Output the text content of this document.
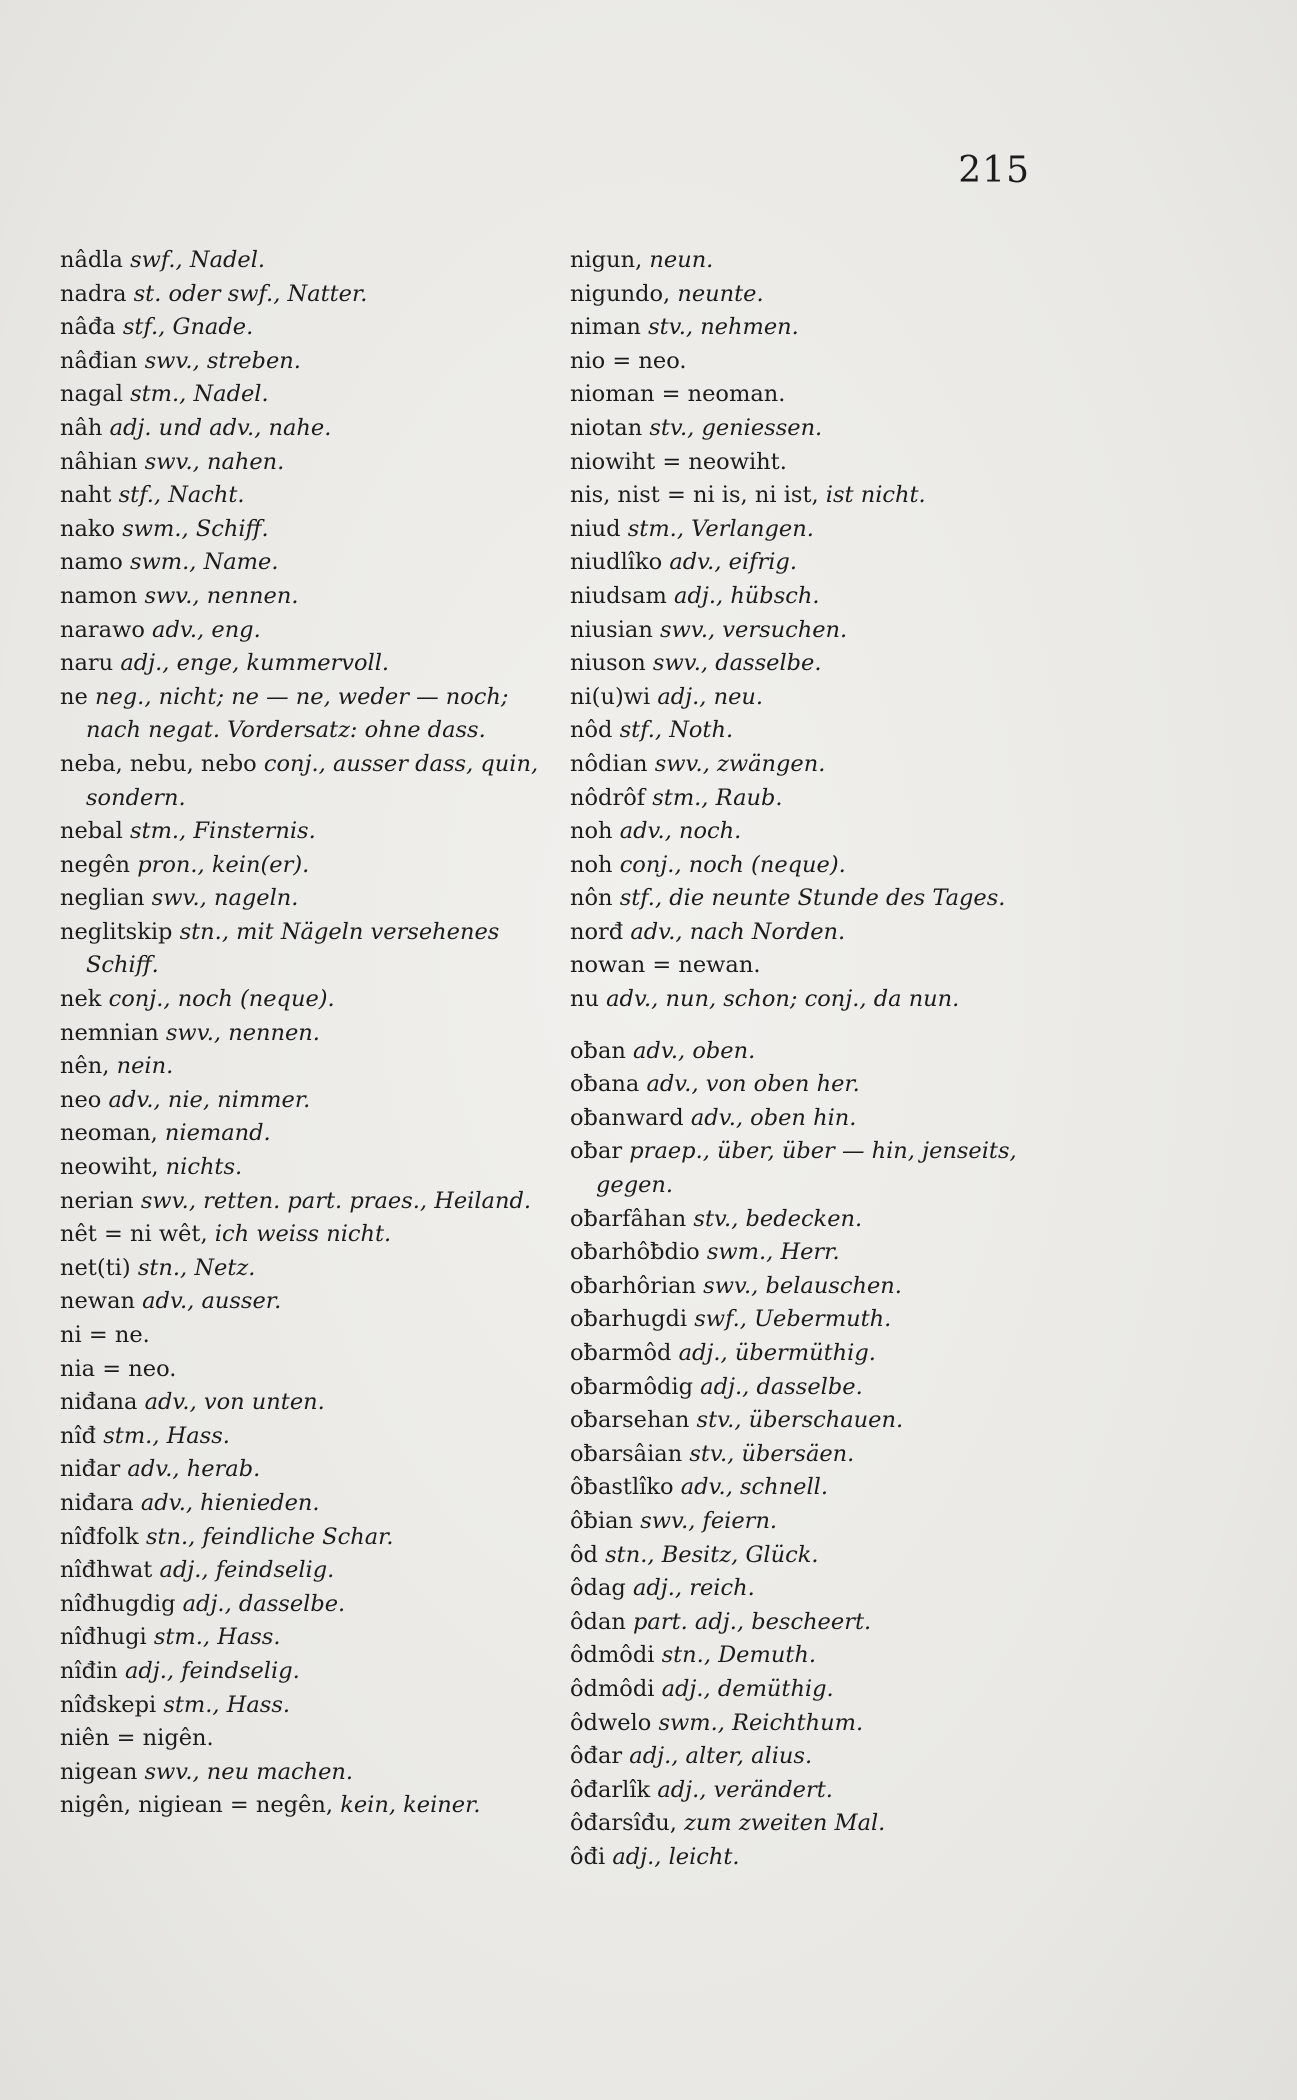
215
nâdla swf., Nadel.
nadra st. oder swf., Natter.
nâđa stf., Gnade.
nâđian swv., streben.
nagal stm., Nadel.
nâh adj. und adv., nahe.
nâhian swv., nahen.
naht stf., Nacht.
nako swm., Schiff.
namo swm., Name.
namon swv., nennen.
narawo adv., eng.
naru adj., enge, kummervoll.
ne neg., nicht; ne — ne, weder — noch; nach negat. Vordersatz: ohne dass.
neba, nebu, nebo conj., ausser dass, quin, sondern.
nebal stm., Finsternis.
negên pron., kein(er).
neglian swv., nageln.
neglitskip stn., mit Nägeln versehenes Schiff.
nek conj., noch (neque).
nemnian swv., nennen.
nên, nein.
neo adv., nie, nimmer.
neoman, niemand.
neowiht, nichts.
nerian swv., retten. part. praes., Heiland.
nêt = ni wêt, ich weiss nicht.
net(ti) stn., Netz.
newan adv., ausser.
ni = ne.
nia = neo.
niđana adv., von unten.
nîđ stm., Hass.
niđar adv., herab.
niđara adv., hienieden.
nîđfolk stn., feindliche Schar.
nîđhwat adj., feindselig.
nîđhugdig adj., dasselbe.
nîđhugi stm., Hass.
nîđin adj., feindselig.
nîđskepi stm., Hass.
niên = nigên.
nigean swv., neu machen.
nigên, nigiean = negên, kein, keiner.
nigun, neun.
nigundo, neunte.
niman stv., nehmen.
nio = neo.
nioman = neoman.
niotan stv., geniessen.
niowiht = neowiht.
nis, nist = ni is, ni ist, ist nicht.
niud stm., Verlangen.
niudlîko adv., eifrig.
niudsam adj., hübsch.
niusian swv., versuchen.
niuson swv., dasselbe.
ni(u)wi adj., neu.
nôd stf., Noth.
nôdian swv., zwängen.
nôdrôf stm., Raub.
noh adv., noch.
noh conj., noch (neque).
nôn stf., die neunte Stunde des Tages.
norđ adv., nach Norden.
nowan = newan.
nu adv., nun, schon; conj., da nun.
oƀan adv., oben.
oƀana adv., von oben her.
oƀanward adv., oben hin.
oƀar praep., über, über — hin, jenseits, gegen.
oƀarfâhan stv., bedecken.
oƀarhôƀdio swm., Herr.
oƀarhôrian swv., belauschen.
oƀarhugdi swf., Uebermuth.
oƀarmôd adj., übermüthig.
oƀarmôdig adj., dasselbe.
oƀarsehan stv., überschauen.
oƀarsâian stv., übersäen.
ôƀastlîko adv., schnell.
ôƀian swv., feiern.
ôd stn., Besitz, Glück.
ôdag adj., reich.
ôdan part. adj., bescheert.
ôdmôdi stn., Demuth.
ôdmôdi adj., demüthig.
ôdwelo swm., Reichthum.
ôđar adj., alter, alius.
ôđarlîk adj., verändert.
ôđarsîđu, zum zweiten Mal.
ôđi adj., leicht.
